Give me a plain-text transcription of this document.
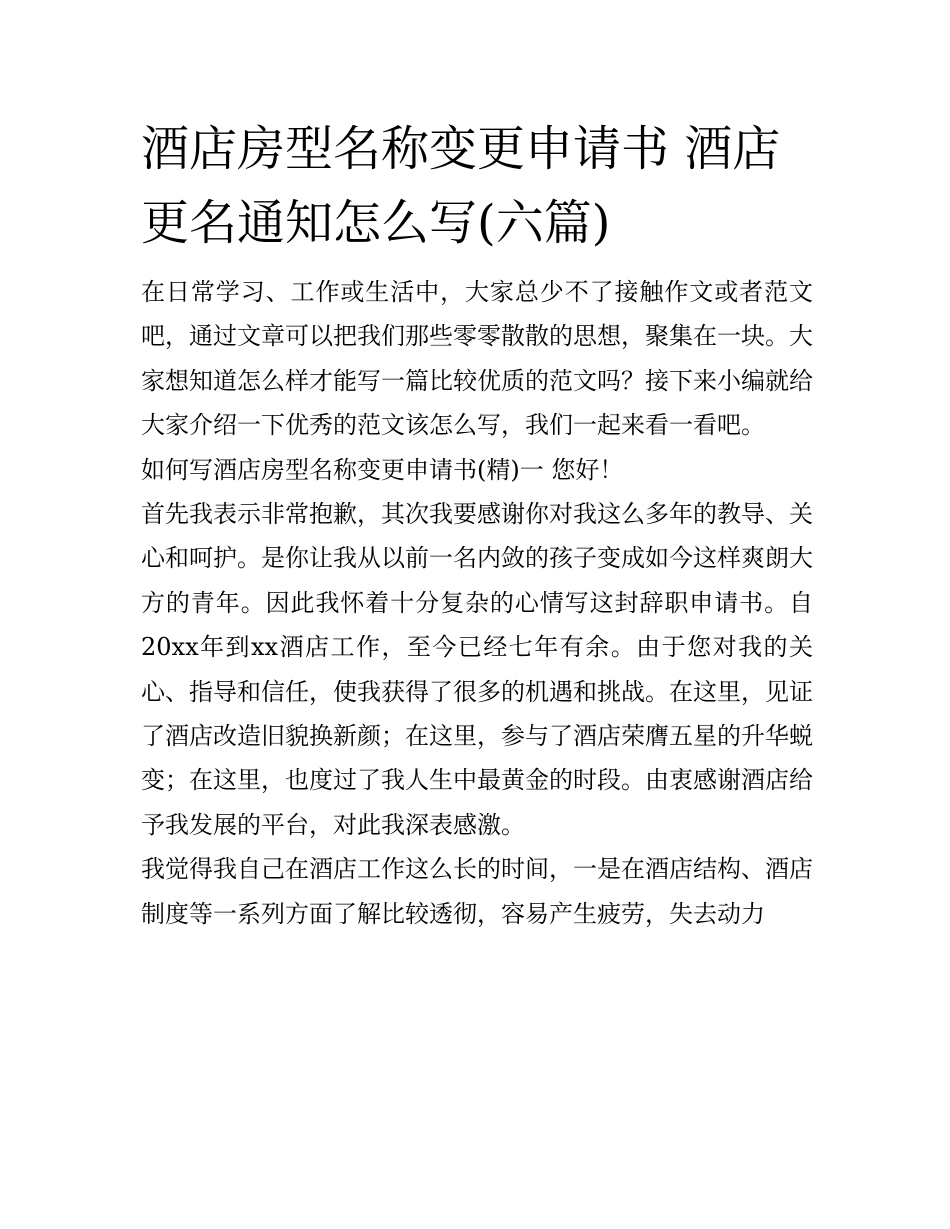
酒店房型名称变更申请书 酒店更名通知怎么写(六篇)

在日常学习、工作或生活中，大家总少不了接触作文或者范文吧，通过文章可以把我们那些零零散散的思想，聚集在一块。大家想知道怎么样才能写一篇比较优质的范文吗？接下来小编就给大家介绍一下优秀的范文该怎么写，我们一起来看一看吧。

如何写酒店房型名称变更申请书(精)一 您好！

首先我表示非常抱歉，其次我要感谢你对我这么多年的教导、关心和呵护。是你让我从以前一名内敛的孩子变成如今这样爽朗大方的青年。因此我怀着十分复杂的心情写这封辞职申请书。自20xx年到xx酒店工作，至今已经七年有余。由于您对我的关心、指导和信任，使我获得了很多的机遇和挑战。在这里，见证了酒店改造旧貌换新颜；在这里，参与了酒店荣膺五星的升华蜕变；在这里，也度过了我人生中最黄金的时段。由衷感谢酒店给予我发展的平台，对此我深表感激。

我觉得我自己在酒店工作这么长的时间，一是在酒店结构、酒店制度等一系列方面了解比较透彻，容易产生疲劳，失去动力
